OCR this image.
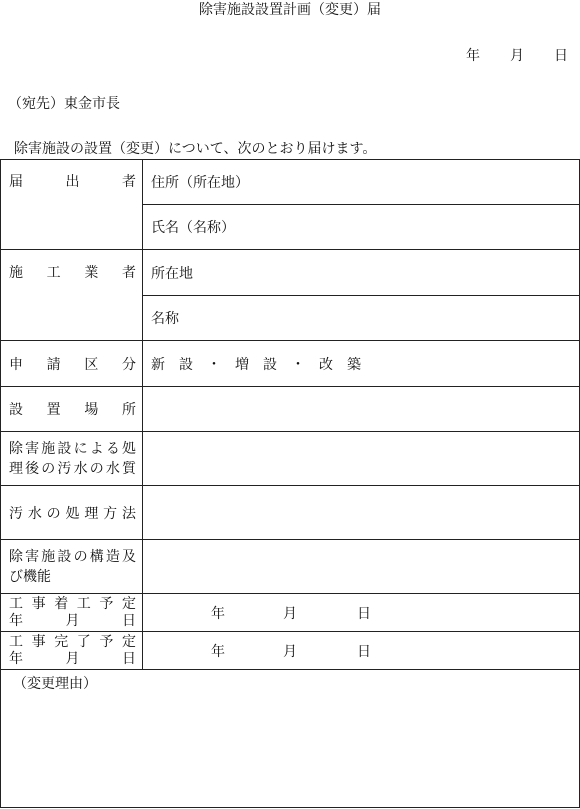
除害施設設置計画（変更）届
年 月 日
（宛先）東金市長
除害施設の設置（変更）について、次のとおり届けます。
届　出　者	住所（所在地）
	氏名（名称）

施　工　業　者	所在地
	名称

申　請　区　分	新　設　・　増　設　・　改　築

設　置　場　所	

除害施設による処
理後の汚水の水質	

汚水の処理方法	

除害施設の構造及
び機能	

工事着工予定
年　月　日	年 月 日

工事完了予定
年　月　日	年 月 日

（変更理由）	
